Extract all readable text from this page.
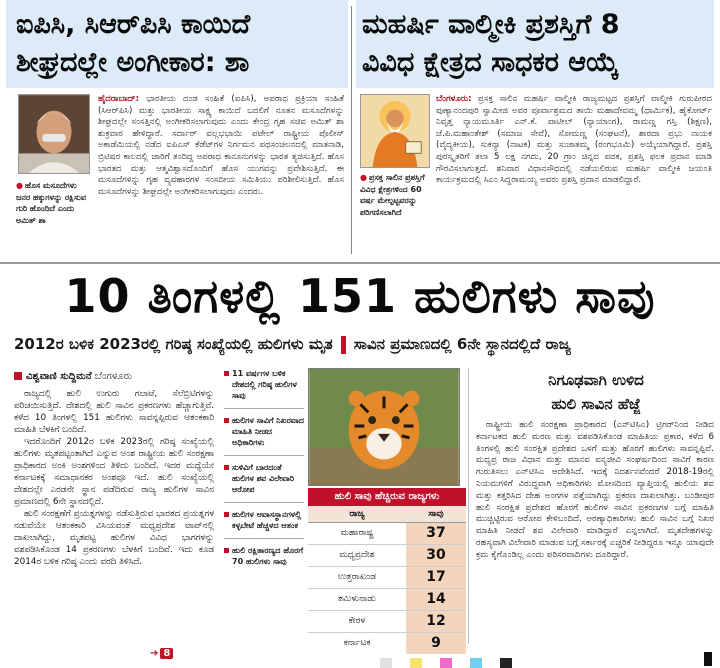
ಐಪಿಸಿ, ಸಿಆರ್‌ಪಿಸಿ ಕಾಯಿದೆ
ಶೀಘ್ರದಲ್ಲೇ ಅಂಗೀಕಾರ: ಶಾ
● ಹೊಸ ಮಸೂದೆಗಳು ಜನರ ಹಕ್ಕುಗಳನ್ನು ರಕ್ಷಿಸುವ ಗುರಿ ಹೊಂದಿದೆ ಎಂದು ಅಮಿತ್ ಶಾ
ಹೈದರಾಬಾದ್: ಭಾರತೀಯ ದಂಡ ಸಂಹಿತೆ (ಐಪಿಸಿ), ಅಪರಾಧ ಪ್ರಕ್ರಿಯಾ ಸಂಹಿತೆ (ಸಿಆರ್‌ಪಿಸಿ) ಮತ್ತು ಭಾರತೀಯ ಸಾಕ್ಷ್ಯ ಕಾಯಿದೆ ಬದಲಿಗೆ ನೂತನ ಮಸೂದೆಗಳನ್ನು ಶೀಘ್ರದಲ್ಲೇ ಸಂಸತ್ತಿನಲ್ಲಿ ಅಂಗೀಕರಿಸಲಾಗುವುದು ಎಂದು ಕೇಂದ್ರ ಗೃಹ ಸಚಿವ ಅಮಿತ್ ಶಾ ಶುಕ್ರವಾರ ಹೇಳಿದ್ದಾರೆ. ಸರ್ದಾರ್ ವಲ್ಲಭಭಾಯಿ ಪಟೇಲ್ ರಾಷ್ಟ್ರೀಯ ಪೊಲೀಸ್ ಅಕಾಡೆಮಿಯಲ್ಲಿ ನಡೆದ ಐಪಿಎಸ್ ಕೆಡೆಟ್‌ಗಳ ನಿರ್ಗಮನ ಪಥಸಂಚಲನದಲ್ಲಿ ಮಾತನಾಡಿ, ಬ್ರಿಟಿಷರ ಕಾಲದಲ್ಲಿ ಜಾರಿಗೆ ತಂದಿದ್ದ ಅಪರಾಧ ಕಾನೂನುಗಳನ್ನು ಭಾರತ ತ್ಯಜಿಸುತ್ತಿದೆ. ಹೊಸ ಭಾರತದ ಮತ್ತು ಆತ್ಮವಿಶ್ವಾಸದೊಂದಿಗೆ ಹೊಸ ಯುಗವನ್ನು ಪ್ರವೇಶಿಸುತ್ತಿದೆ. ಈ ಮಸೂದೆಗಳನ್ನು ಗೃಹ ವ್ಯವಹಾರಗಳ ಸಂಸದೀಯ ಸಮಿತಿಯು ಪರಿಶೀಲಿಸುತ್ತಿದೆ. ಹೊಸ ಮಸೂದೆಗಳನ್ನು ಶೀಘ್ರದಲ್ಲೇ ಅಂಗೀಕರಿಸಲಾಗುವುದು ಎಂದರು.
ಮಹರ್ಷಿ ವಾಲ್ಮೀಕಿ ಪ್ರಶಸ್ತಿಗೆ 8
ವಿವಿಧ ಕ್ಷೇತ್ರದ ಸಾಧಕರ ಆಯ್ಕೆ
● ಪ್ರಸಕ್ತ ಸಾಲಿನ ಪ್ರಶಸ್ತಿಗೆ ವಿವಿಧ ಕ್ಷೇತ್ರಗಳಿಂದ 60 ವರ್ಷ ಮೇಲ್ಪಟ್ಟವರನ್ನು ಪರಿಗಣಿಸಲಾಗಿದೆ
ಬೆಂಗಳೂರು: ಪ್ರಸಕ್ತ ಸಾಲಿನ ಮಹರ್ಷಿ ವಾಲ್ಮೀಕಿ ರಾಜ್ಯಮಟ್ಟದ ಪ್ರಶಸ್ತಿಗೆ ವಾಲ್ಮೀಕಿ ಗುರುಪೀಠದ ಪುಣ್ಯಾನಂದಪುರಿ ಸ್ವಾಮೀಜಿ ಅವರ ಪೂರ್ವಾಶ್ರಮದ ತಾಯಿ ಮಹಾದೇವಮ್ಮ (ಧಾರ್ಮಿಕ), ಹೈಕೋರ್ಟ್ ನಿವೃತ್ತ ನ್ಯಾಯಮೂರ್ತಿ ಎನ್.ಕೆ. ಪಾಟೀಲ್ (ನ್ಯಾಯಾಂಗ), ರಾಮಣ್ಣ ಗಸ್ತಿ (ಶಿಕ್ಷಣ), ಜೆ.ಪಿ.ಮಹಾಂತೇಶ್ (ಸಮಾಜ ಸೇವೆ), ಸೋಮಣ್ಣ (ಸಂಘಟನೆ), ಶಾರದಾ ಪ್ರಭು ನಾಯಕ (ವೈದ್ಯಕೀಯ), ಸುಕನ್ಯಾ (ನಾಟಕ) ಮತ್ತು ಸುಜಾತಮ್ಮ (ರಂಗಭೂಮಿ) ಅಯ್ಕೆಯಾಗಿದ್ದಾರೆ. ಪ್ರಶಸ್ತಿ ಪುರಸ್ಕೃತರಿಗೆ ತಲಾ 5 ಲಕ್ಷ ನಗದು, 20 ಗ್ರಾಂ ಚಿನ್ನದ ಪದಕ, ಪ್ರಶಸ್ತಿ ಫಲಕ ಪ್ರದಾನ ಮಾಡಿ ಗೌರವಿಸಲಾಗುತ್ತದೆ. ಶನಿವಾರ ವಿಧಾನಸೌಧದಲ್ಲಿ ನಡೆಯಲಿರುವ ಮಹರ್ಷಿ ವಾಲ್ಮೀಕಿ ಜಯಂತಿ ಕಾರ್ಯಕ್ರಮದಲ್ಲಿ ಸಿಎಂ ಸಿದ್ದರಾಮಯ್ಯ ಅವರು ಪ್ರಶಸ್ತಿ ಪ್ರದಾನ ಮಾಡಲಿದ್ದಾರೆ.
10 ತಿಂಗಳಲ್ಲಿ 151 ಹುಲಿಗಳು ಸಾವು
2012ರ ಬಳಿಕ 2023ರಲ್ಲಿ ಗರಿಷ್ಠ ಸಂಖ್ಯೆಯಲ್ಲಿ ಹುಲಿಗಳು ಮೃತ ಸಾವಿನ ಪ್ರಮಾಣದಲ್ಲಿ 6ನೇ ಸ್ಥಾನದಲ್ಲಿದೆ ರಾಜ್ಯ
ವಿಶ್ವವಾಣಿ ಸುದ್ದಿಮನೆ ಬೆಂಗಳೂರು

ರಾಜ್ಯದಲ್ಲಿ ಹುಲಿ ಉಗುರು ಗಲಾಟೆ, ಸೆಲೆಬ್ರಿಟಿಗಳನ್ನು ಪರಿಚಯಿಸುತ್ತಿದೆ. ದೇಶದಲ್ಲಿ ಹುಲಿ ಸಾವಿನ ಪ್ರಕರಣಗಳು ಹೆಚ್ಚಾಗುತ್ತಿವೆ. ಕಳೆದ 10 ತಿಂಗಳಲ್ಲಿ 151 ಹುಲಿಗಳು ಸಾವನ್ನಪ್ಪಿರುವ ಆತಂಕಕಾರಿ ಮಾಹಿತಿ ಬೆಳಕಿಗೆ ಬಂದಿದೆ.

ಇದರೊಂದಿಗೆ 2012ರ ಬಳಿಕ 2023ರಲ್ಲಿ ಗರಿಷ್ಠ ಸಂಖ್ಯೆಯಲ್ಲಿ ಹುಲಿಗಳು ಮೃತಪಟ್ಟಂತಾಗಿದೆ ಎನ್ನುವ ಅಂಶ ರಾಷ್ಟ್ರೀಯ ಹುಲಿ ಸಂರಕ್ಷಣಾ ಪ್ರಾಧಿಕಾರದ ಅಂಕಿ ಅಂಶಗಳಿಂದ ತಿಳಿದು ಬಂದಿದೆ. ಇದರ ಮಧ್ಯೆಯೇ ಕರ್ನಾಟಕಕ್ಕೆ ಸಮಾಧಾನಕರ ಅಂಶವೂ ಇದೆ. ಹುಲಿ ಸಂಖ್ಯೆಯಲ್ಲಿ ದೇಶದಲ್ಲೇ ಎರಡನೇ ಸ್ಥಾನ ಪಡೆದಿರುವ ರಾಜ್ಯ ಹುಲಿಗಳ ಸಾವಿನ ಪ್ರಮಾಣದಲ್ಲಿ 6ನೇ ಸ್ಥಾನದಲ್ಲಿದೆ.

ಹುಲಿ ಸಂರಕ್ಷಣೆಗೆ ಪ್ರಯತ್ನಗಳನ್ನು ನಡೆಸುತ್ತಿರುವ ಭಾರತದ ಪ್ರಯತ್ನಗಳ ನಡುವೆಯೇ ಆತಂಕಕಾರಿ ವಿಸಿಯವಂತೆ ಮಧ್ಯಪ್ರದೇಶ ಟಾಪ್‌ನಲ್ಲಿ ದಾಖಲಾಗಿದ್ದು, ಮೃತಪಟ್ಟ ಹುಲಿಗಳ ವಿವಿಧ ಭಾಗಗಳನ್ನು ವಶಪಡಿಸಿಕೊಂಡ 14 ಪ್ರಕರಣಗಳು ಬೆಳಕಿಗೆ ಬಂದಿವೆ. ಇದು ಕೂಡ 2014ರ ಬಳಿಕ ಗರಿಷ್ಠ ಎಂದು ವರದಿ ತಿಳಿಸಿದೆ.

➔ 8
11 ವರ್ಷಗಳ ಬಳಿಕ ದೇಶದಲ್ಲಿ ಗರಿಷ್ಠ ಹುಲಿಗಳ ಸಾವು
ಹುಲಿಗಳ ಸಾವಿಗೆ ನಿಖರವಾದ ಮಾಹಿತಿ ನೀಡದ ಅಧಿಕಾರಿಗಳು
ಸುಳಿವಿಗೆ ಬಾರದಂತೆ ಹುಲಿಗಳ ಶವ ವಿಲೇವಾರಿ ಆರೋಪ
ಹುಲಿಗಳ ಆವಾಸಸ್ಥಾನಗಳಲ್ಲಿ ಕಳ್ಳಬೇಟೆ ಹೆಚ್ಚಳದ ಆತಂಕ
ಹುಲಿ ರಕ್ಷಿತಾರಣ್ಯದ ಹೊರಗೆ 70 ಹುಲಿಗಳು ಸಾವು
ಹುಲಿ ಸಾವು ಹೆಚ್ಚಿರುವ ರಾಜ್ಯಗಳು
ರಾಜ್ಯ	ಸಾವು
ಮಹಾರಾಷ್ಟ್ರ	37
ಮಧ್ಯಪ್ರದೇಶ	30
ಉತ್ತರಾಖಂಡ	17
ತಮಿಳುನಾಡು	14
ಕೇರಳ	12
ಕರ್ನಾಟಕ	9
ನಿಗೂಢವಾಗಿ ಉಳಿದ
ಹುಲಿ ಸಾವಿನ ಹೆಜ್ಜೆ

ರಾಷ್ಟ್ರೀಯ ಹುಲಿ ಸಂರಕ್ಷಣಾ ಪ್ರಾಧಿಕಾರದ (ಎನ್‌ಟಿಸಿಎ) ಟ್ರಿಗರ್‌ನಿಂದ ನೀಡಿದ ಕರ್ನಾಟಕದ ಹುಲಿ ಮರಣ ಮತ್ತು ವಶಪಡಿಸಿಕೊಂಡ ಮಾಹಿತಿಯ ಪ್ರಕಾರ, ಕಳೆದ 6 ತಿಂಗಳಲ್ಲಿ ಹುಲಿ ಸಂರಕ್ಷಿತ ಪ್ರದೇಶದ ಒಳಗೆ ಮತ್ತು ಹೊರಗೆ ಹುಲಿಗಳು ಸಾವನ್ನಪ್ಪಿವೆ. ಮಧ್ಯಪ್ರ ರಾಜ ವಿಧಾನ ಮತ್ತು ಮಾನವ ವನ್ಯಜೀವಿ ಸಂಘರ್ಷದಿಂದ ಸಾವಿಗೆ ಕಾರಣ ಗುರುತಿಸಲು ಎನ್‌ಟಿಸಿಎ ಆದೇಶಿಸಿದೆ. ಇದಕ್ಕೆ ನಿದರ್ಶನವೆಂದರೆ 2018-19ರಲ್ಲಿ ನಿಯಮಗಳಿಗೆ ವಿರುದ್ಧವಾಗಿ ಅಧಿಕಾರಿಗಳು ಮೋಸದಿಂದ ವ್ಯಾಪ್ತಿಯಲ್ಲಿ ಹುಲಿಯ ಶವ ಮತ್ತು ಕತ್ತರಿಸಿದ ದೇಹ ಅಂಗಗಳ ಪತ್ತೆಯಾಗಿದ್ದು ಪ್ರಕರಣ ದಾಖಲಾಗಿತ್ತು. ಬಂಡೀಪುರ ಹುಲಿ ಸಂರಕ್ಷಿತ ಪ್ರದೇಶದ ಹೊರಗೆ ಹುಲಿಗಳ ಸಾವಿನ ಪ್ರಕರಣಗಳ ಬಗ್ಗೆ ಮಾಹಿತಿ ಮುಚ್ಚಿಟ್ಟಿರುವ ಆರೋಪ ಕೇಳಿಬಂದಿದೆ. ಅರಣ್ಯಾಧಿಕಾರಿಗಳು ಹುಲಿ ಸಾವಿನ ಬಗ್ಗೆ ನಿಖರ ಮಾಹಿತಿ ನೀಡದೆ ಶವ ವಿಲೇವಾರಿ ಮಾಡಿದ್ದಾರೆ ಎನ್ನಲಾಗಿದೆ. ಮೃತದೇಹಗಳನ್ನು ರಹಸ್ಯವಾಗಿ ವಿಲೇವಾರಿ ಮಾಡುವ ಬಗ್ಗೆ ಸರ್ಕಾರಕ್ಕೆ ಎಚ್ಚರಿಕೆ ನೀಡಿದ್ದರೂ ಇನ್ನೂ ಯಾವುದೇ ಕ್ರಮ ಕೈಗೊಂಡಿಲ್ಲ ಎಂದು ಪರಿಸರವಾದಿಗಳು ದೂರಿದ್ದಾರೆ.
